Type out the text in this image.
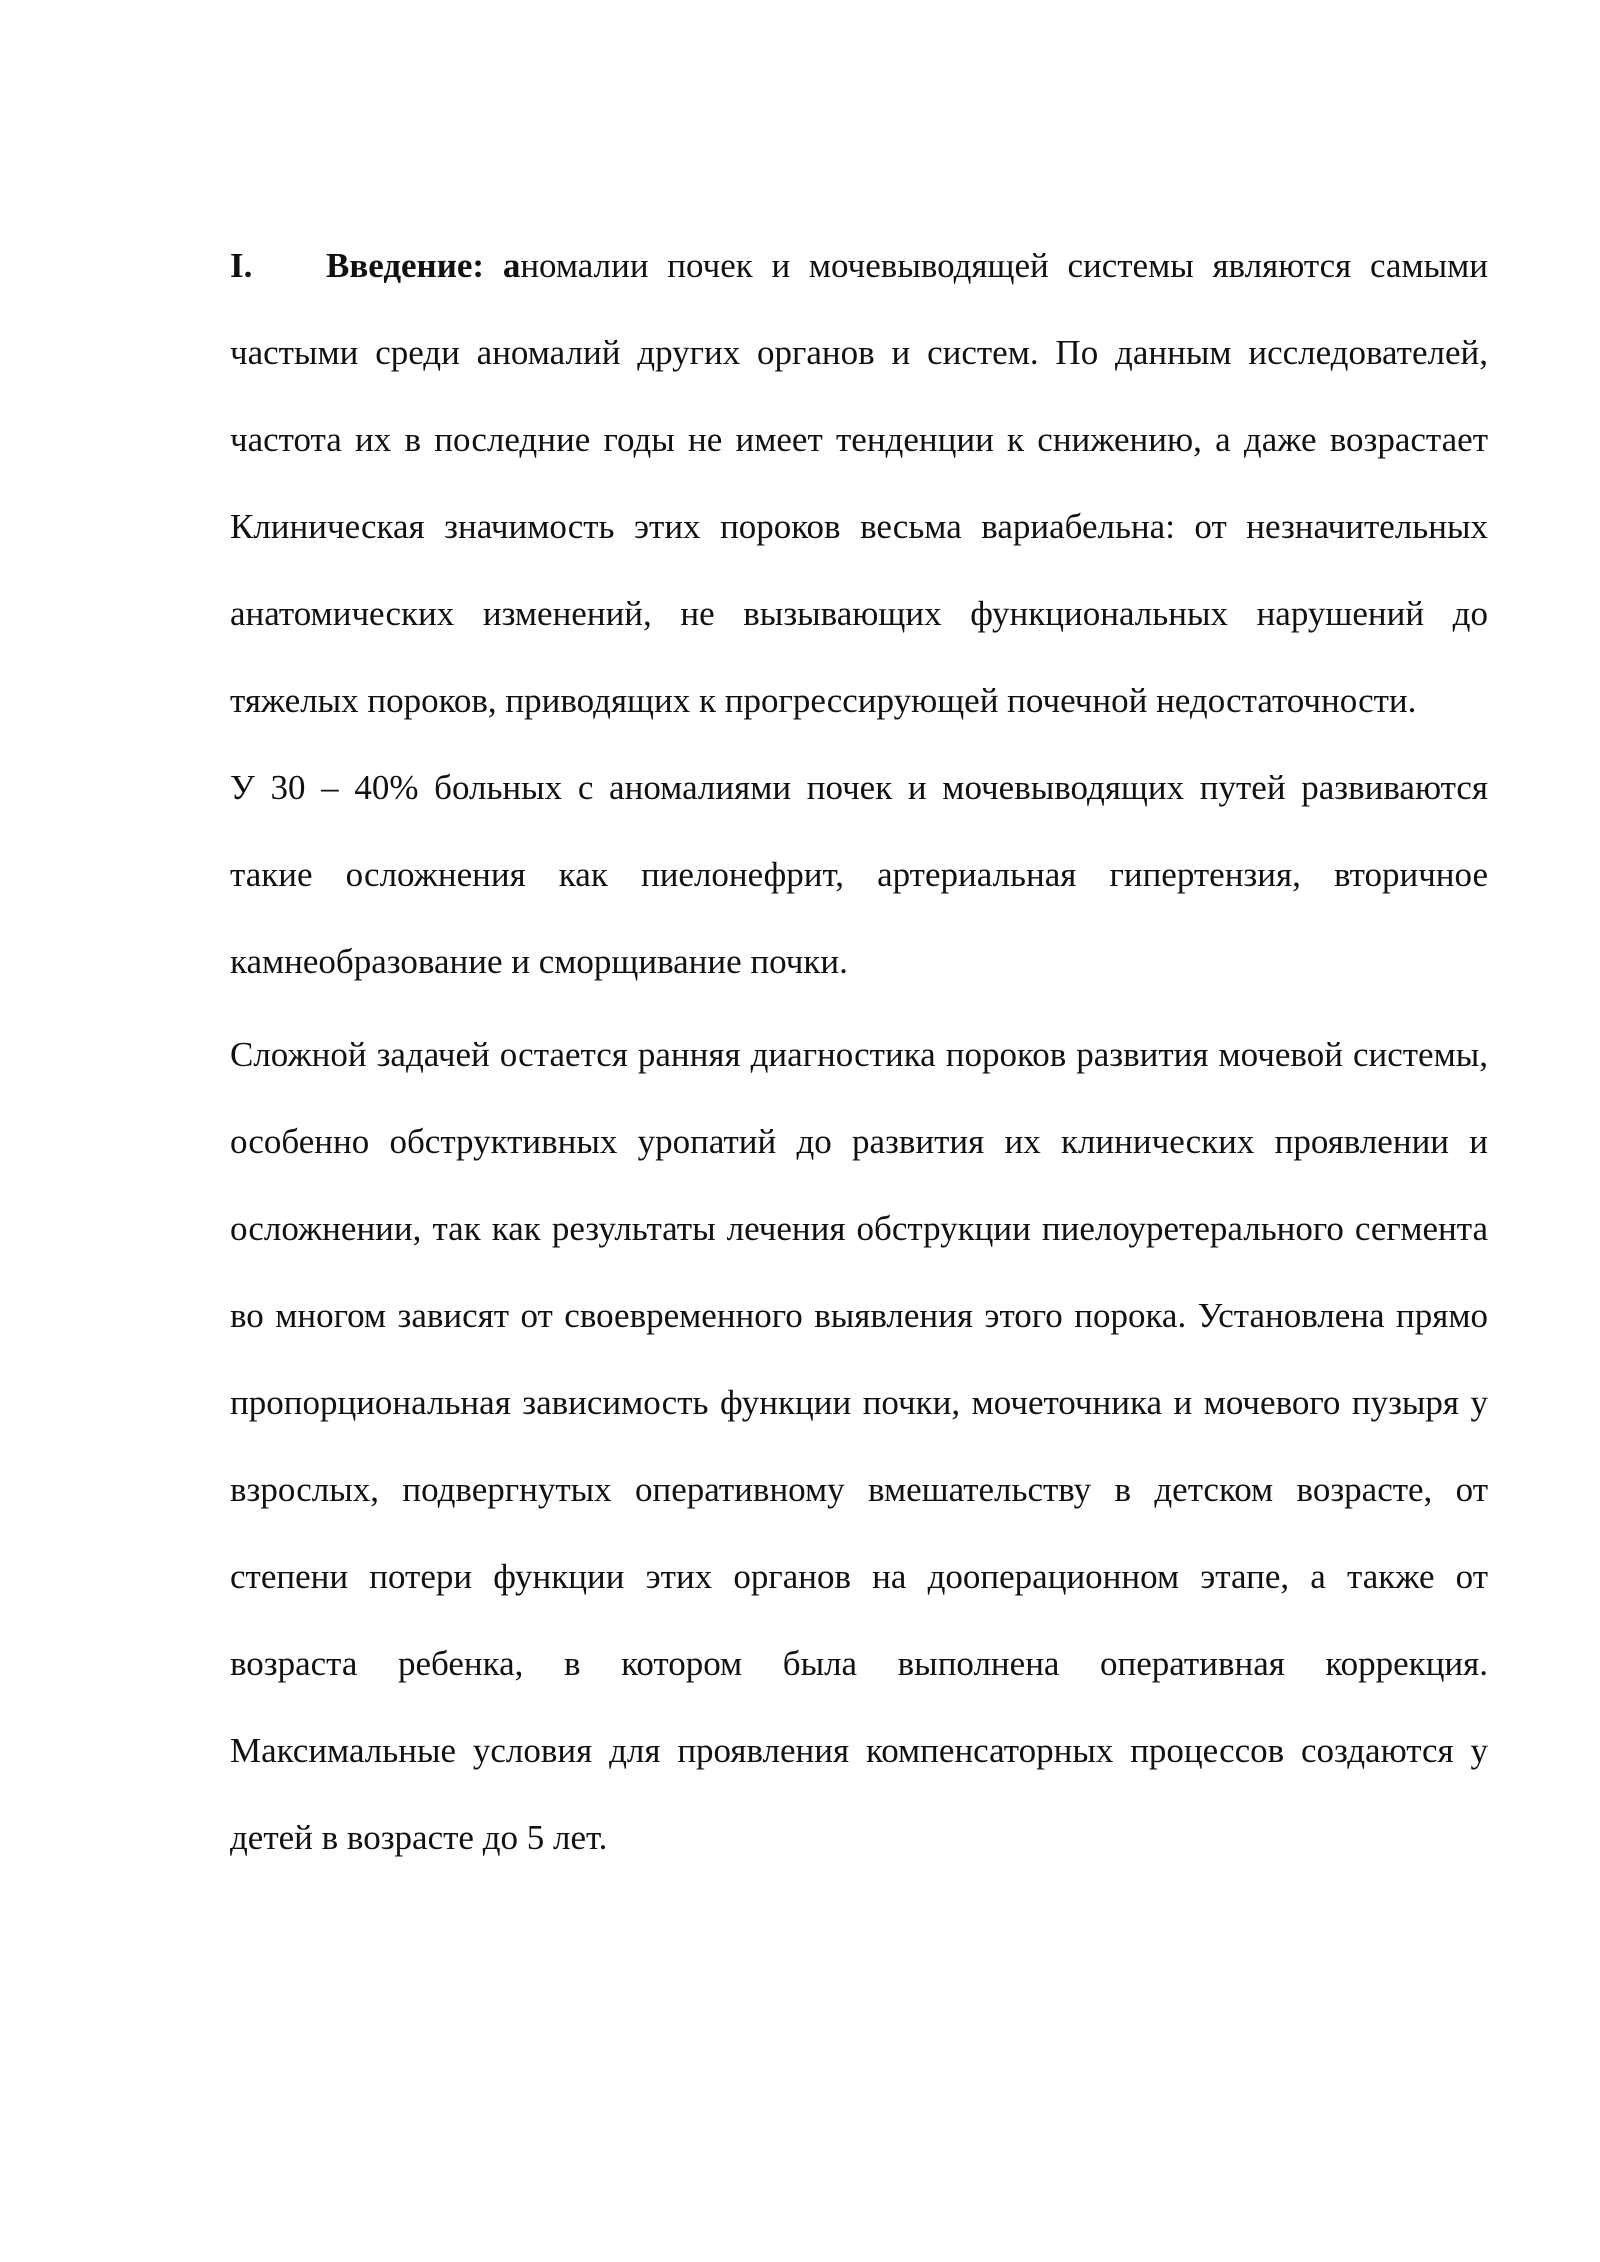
I. Введение: аномалии почек и мочевыводящей системы являются самыми частыми среди аномалий других органов и систем. По данным исследователей, частота их в последние годы не имеет тенденции к снижению, а даже возрастает Клиническая значимость этих пороков весьма вариабельна: от незначительных анатомических изменений, не вызывающих функциональных нарушений до тяжелых пороков, приводящих к прогрессирующей почечной недостаточности.

У 30 – 40% больных с аномалиями почек и мочевыводящих путей развиваются такие осложнения как пиелонефрит, артериальная гипертензия, вторичное камнеобразование и сморщивание почки.

Сложной задачей остается ранняя диагностика пороков развития мочевой системы, особенно обструктивных уропатий до развития их клинических проявлении и осложнении, так как результаты лечения обструкции пиелоуретерального сегмента во многом зависят от своевременного выявления этого порока. Установлена прямо пропорциональная зависимость функции почки, мочеточника и мочевого пузыря у взрослых, подвергнутых оперативному вмешательству в детском возрасте, от степени потери функции этих органов на дооперационном этапе, а также от возраста ребенка, в котором была выполнена оперативная коррекция. Максимальные условия для проявления компенсаторных процессов создаются у детей в возрасте до 5 лет.
